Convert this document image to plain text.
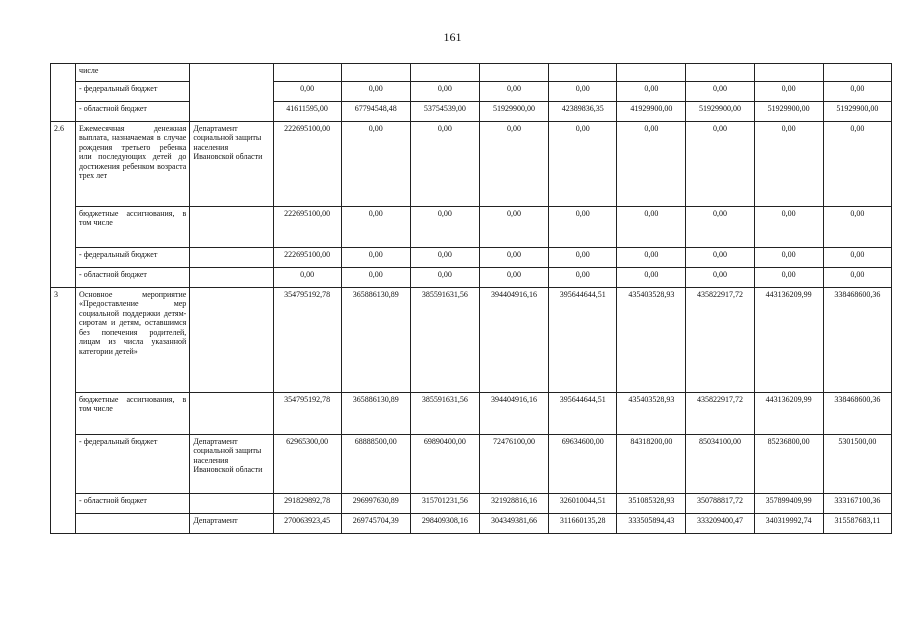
161
	числе										
	- федеральный бюджет		0,00	0,00	0,00	0,00	0,00	0,00	0,00	0,00	0,00
	- областной бюджет		41611595,00	67794548,48	53754539,00	51929900,00	42389836,35	41929900,00	51929900,00	51929900,00	51929900,00
2.6	Ежемесячная денежная выплата, назначаемая в случае рождения третьего ребенка или последующих детей до достижения ребенком возраста трех лет	Департамент социальной защиты населения Ивановской области	222695100,00	0,00	0,00	0,00	0,00	0,00	0,00	0,00	0,00
	бюджетные ассигнования, в том числе		222695100,00	0,00	0,00	0,00	0,00	0,00	0,00	0,00	0,00
	- федеральный бюджет		222695100,00	0,00	0,00	0,00	0,00	0,00	0,00	0,00	0,00
	- областной бюджет		0,00	0,00	0,00	0,00	0,00	0,00	0,00	0,00	0,00
3	Основное мероприятие «Предоставление мер социальной поддержки детям-сиротам и детям, оставшимся без попечения родителей, лицам из числа указанной категории детей»		354795192,78	365886130,89	385591631,56	394404916,16	395644644,51	435403528,93	435822917,72	443136209,99	338468600,36
	бюджетные ассигнования, в том числе		354795192,78	365886130,89	385591631,56	394404916,16	395644644,51	435403528,93	435822917,72	443136209,99	338468600,36
	- федеральный бюджет	Департамент социальной защиты населения Ивановской области	62965300,00	68888500,00	69890400,00	72476100,00	69634600,00	84318200,00	85034100,00	85236800,00	5301500,00
	- областной бюджет		291829892,78	296997630,89	315701231,56	321928816,16	326010044,51	351085328,93	350788817,72	357899409,99	333167100,36
		Департамент	270063923,45	269745704,39	298409308,16	304349381,66	311660135,28	333505894,43	333209400,47	340319992,74	315587683,11
